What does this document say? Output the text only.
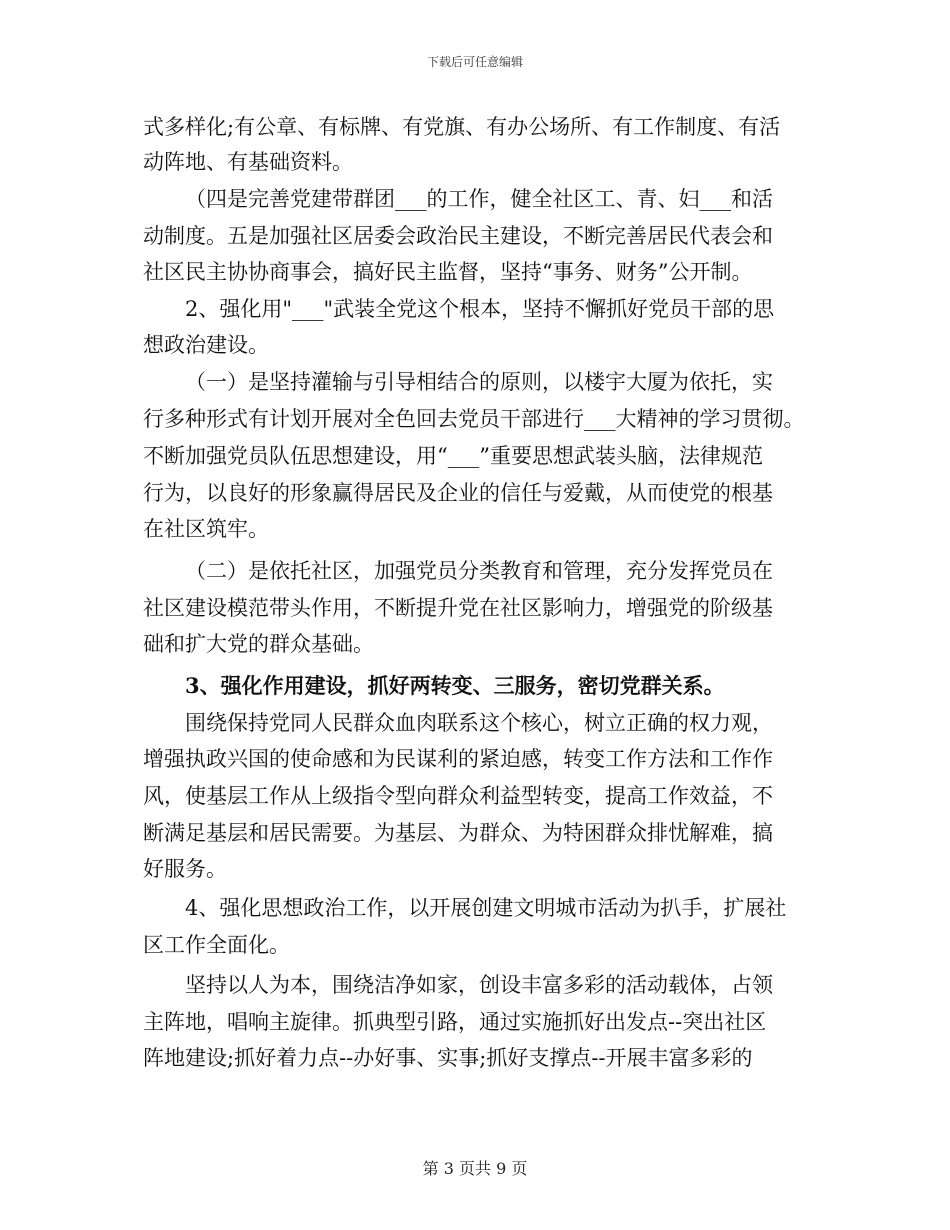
下载后可任意编辑
式多样化;有公章、有标牌、有党旗、有办公场所、有工作制度、有活
动阵地、有基础资料。
（四是完善党建带群团___的工作，健全社区工、青、妇___和活
动制度。五是加强社区居委会政治民主建设，不断完善居民代表会和
社区民主协协商事会，搞好民主监督，坚持“事务、财务”公开制。
2、强化用"___"武装全党这个根本，坚持不懈抓好党员干部的思
想政治建设。
（一）是坚持灌输与引导相结合的原则，以楼宇大厦为依托，实
行多种形式有计划开展对全色回去党员干部进行___大精神的学习贯彻。
不断加强党员队伍思想建设，用“___”重要思想武装头脑，法律规范
行为，以良好的形象赢得居民及企业的信任与爱戴，从而使党的根基
在社区筑牢。
（二）是依托社区，加强党员分类教育和管理，充分发挥党员在
社区建设模范带头作用，不断提升党在社区影响力，增强党的阶级基
础和扩大党的群众基础。
3、强化作用建设，抓好两转变、三服务，密切党群关系。
围绕保持党同人民群众血肉联系这个核心，树立正确的权力观，
增强执政兴国的使命感和为民谋利的紧迫感，转变工作方法和工作作
风，使基层工作从上级指令型向群众利益型转变，提高工作效益，不
断满足基层和居民需要。为基层、为群众、为特困群众排忧解难，搞
好服务。
4、强化思想政治工作，以开展创建文明城市活动为扒手，扩展社
区工作全面化。
坚持以人为本，围绕洁净如家，创设丰富多彩的活动载体，占领
主阵地，唱响主旋律。抓典型引路，通过实施抓好出发点--突出社区
阵地建设;抓好着力点--办好事、实事;抓好支撑点--开展丰富多彩的
第 3 页共 9 页
